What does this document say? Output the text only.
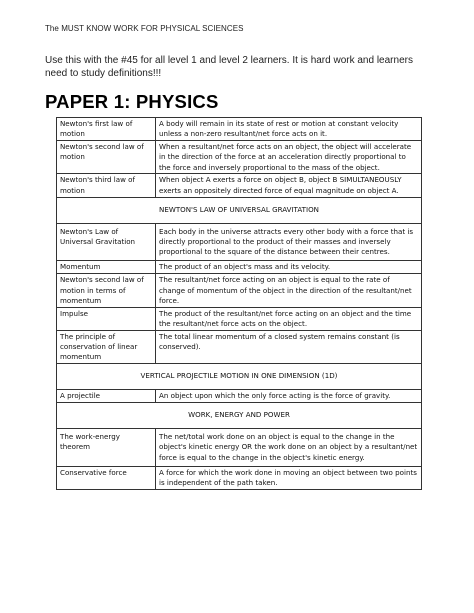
The MUST KNOW WORK FOR PHYSICAL SCIENCES
Use this with the #45 for all level 1 and level 2 learners. It is hard work and learners need to study definitions!!!
PAPER 1: PHYSICS
Newton's first law of motion	A body will remain in its state of rest or motion at constant velocity unless a non-zero resultant/net force acts on it.
Newton's second law of motion	When a resultant/net force acts on an object, the object will accelerate in the direction of the force at an acceleration directly proportional to the force and inversely proportional to the mass of the object.
Newton's third law of motion	When object A exerts a force on object B, object B SIMULTANEOUSLY exerts an oppositely directed force of equal magnitude on object A.
NEWTON'S LAW OF UNIVERSAL GRAVITATION	
Newton's Law of Universal Gravitation	Each body in the universe attracts every other body with a force that is directly proportional to the product of their masses and inversely proportional to the square of the distance between their centres.
Momentum	The product of an object's mass and its velocity.
Newton's second law of motion in terms of momentum	The resultant/net force acting on an object is equal to the rate of change of momentum of the object in the direction of the resultant/net force.
Impulse	The product of the resultant/net force acting on an object and the time the resultant/net force acts on the object.
The principle of conservation of linear momentum	The total linear momentum of a closed system remains constant (is conserved).
VERTICAL PROJECTILE MOTION IN ONE DIMENSION (1D)	
A projectile	An object upon which the only force acting is the force of gravity.
WORK, ENERGY AND POWER	
The work-energy theorem	The net/total work done on an object is equal to the change in the object's kinetic energy OR the work done on an object by a resultant/net force is equal to the change in the object's kinetic energy.
Conservative force	A force for which the work done in moving an object between two points is independent of the path taken.
